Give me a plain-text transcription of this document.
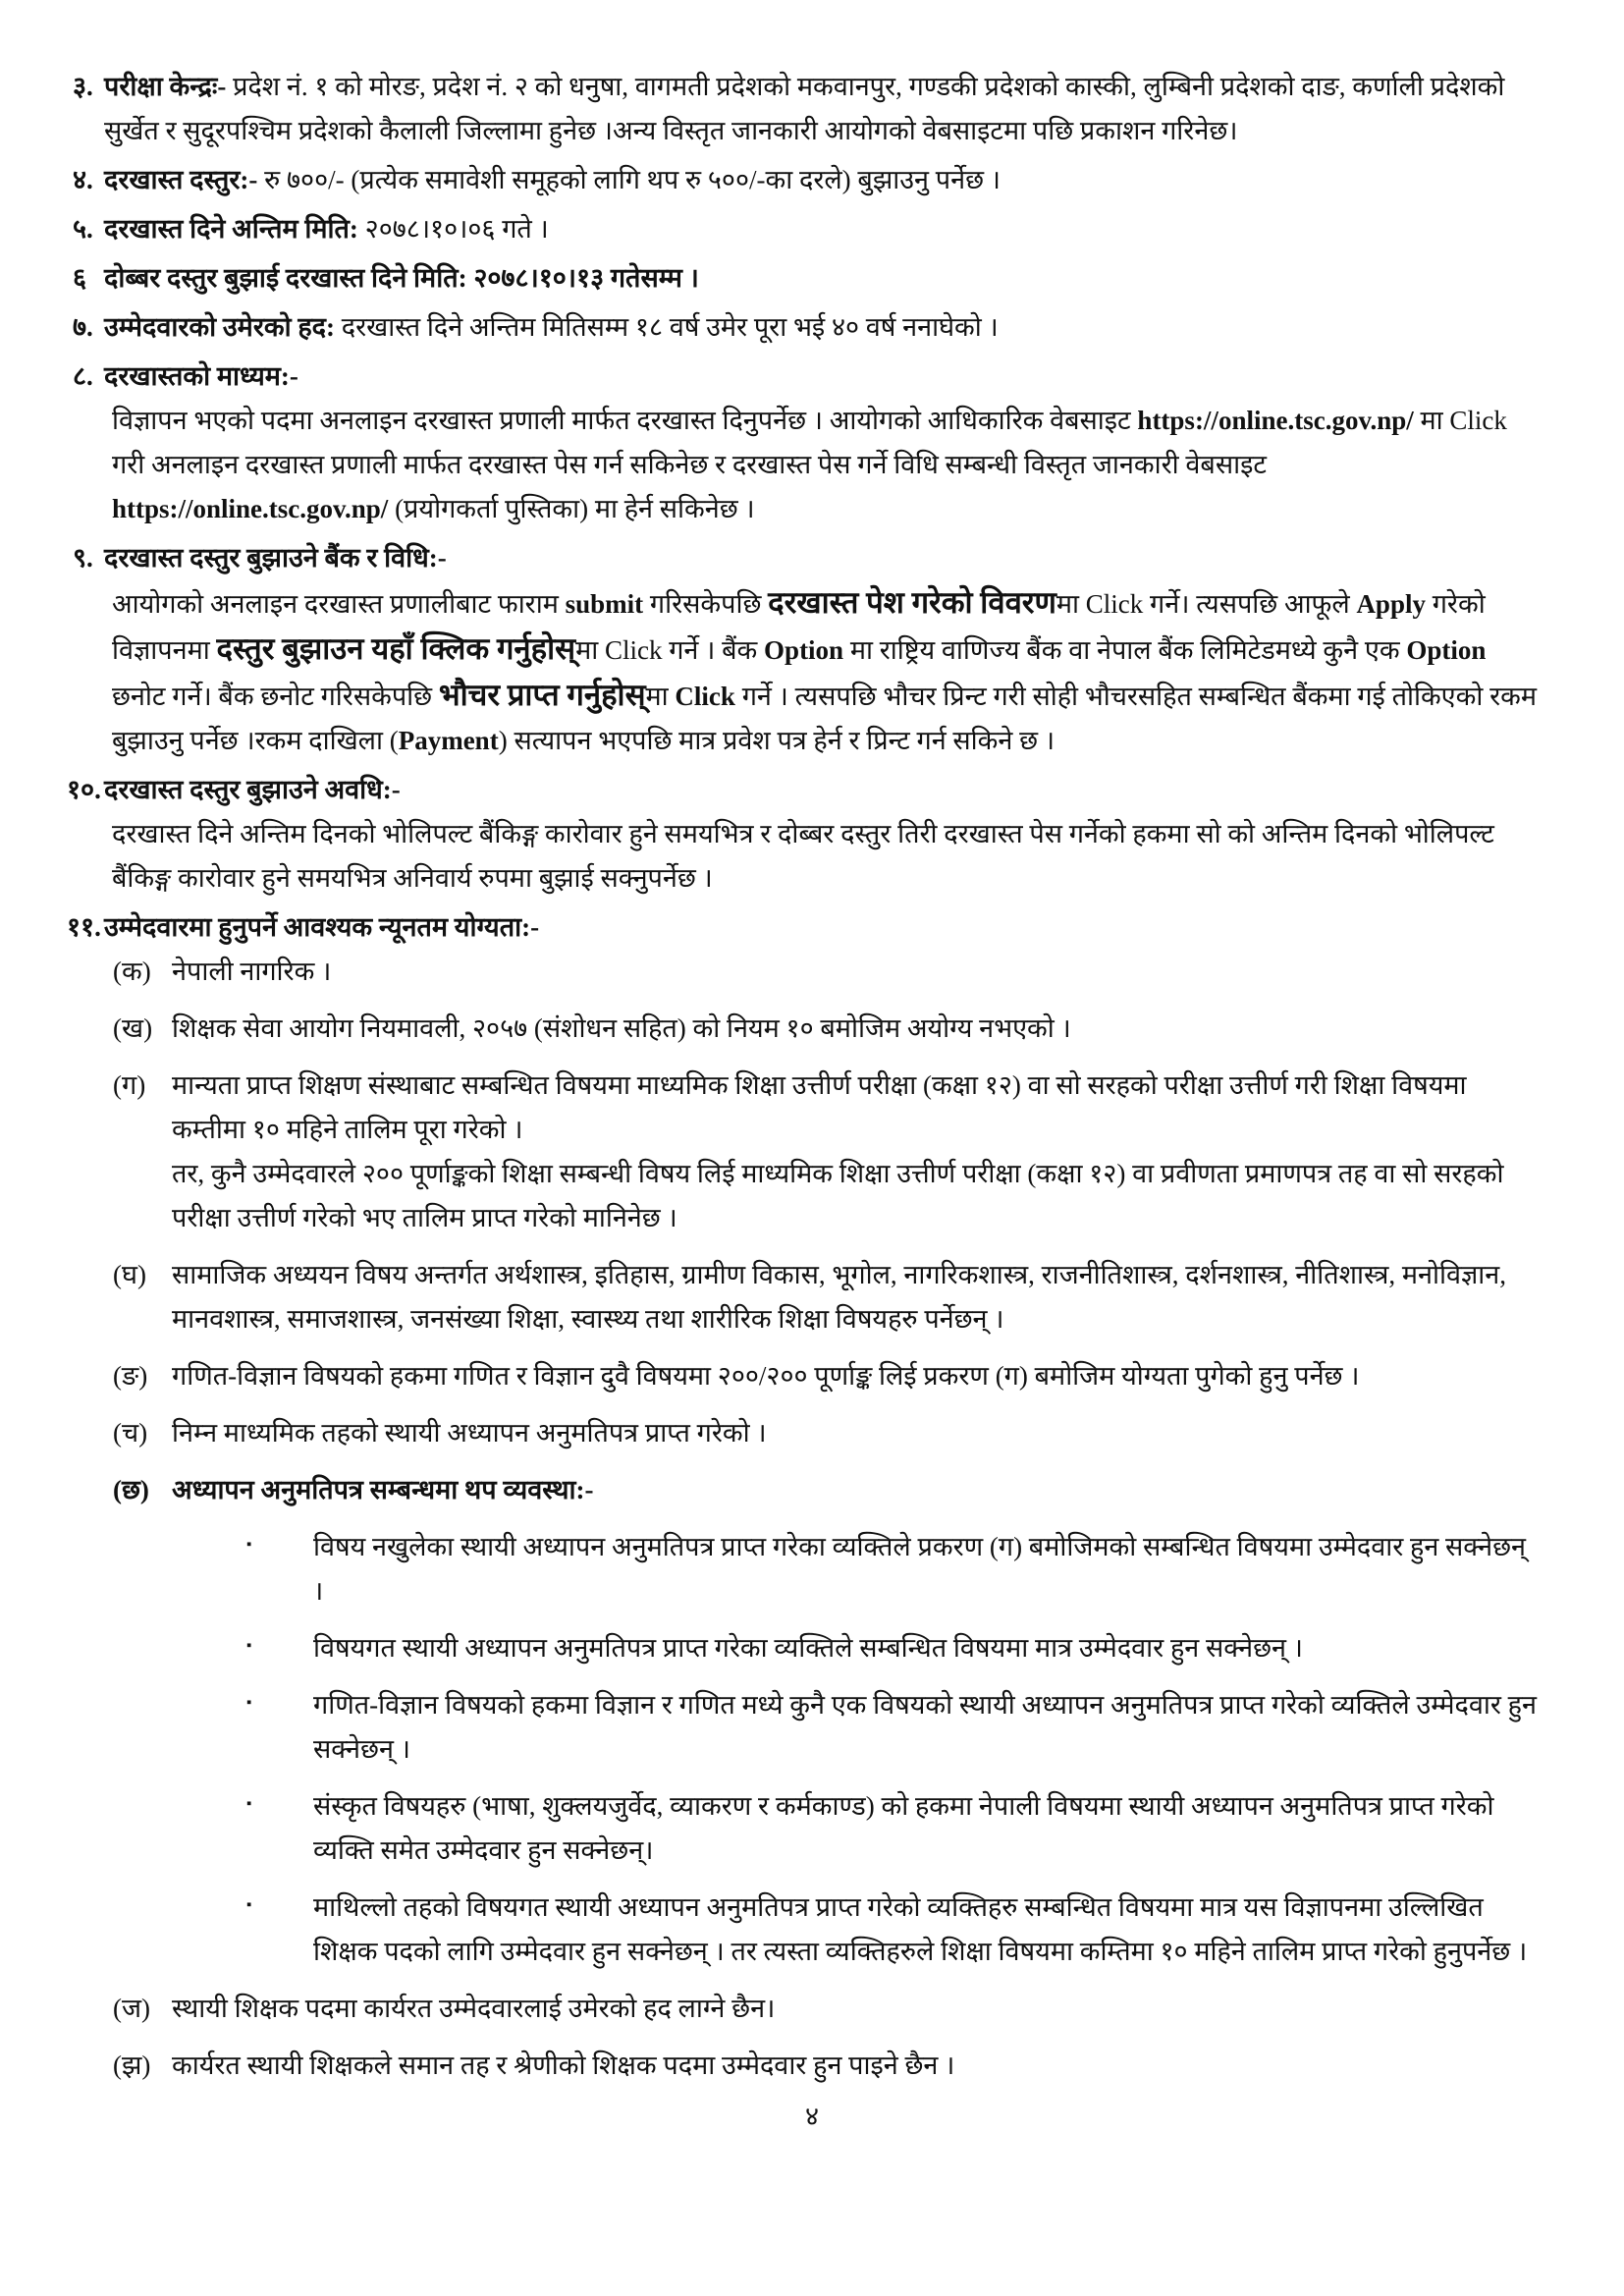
३. परीक्षा केन्द्रः- प्रदेश नं. १ को मोरङ, प्रदेश नं. २ को धनुषा, वागमती प्रदेशको मकवानपुर, गण्डकी प्रदेशको कास्की, लुम्बिनी प्रदेशको दाङ, कर्णाली प्रदेशको सुर्खेत र सुदूरपश्चिम प्रदेशको कैलाली जिल्लामा हुनेछ ।अन्य विस्तृत जानकारी आयोगको वेबसाइटमा पछि प्रकाशन गरिनेछ।
४. दरखास्त दस्तुर:- रु ७००/- (प्रत्येक समावेशी समूहको लागि थप रु ५००/-का दरले) बुझाउनु पर्नेछ ।
५. दरखास्त दिने अन्तिम मिति: २०७८।१०।०६ गते ।
६ दोब्बर दस्तुर बुझाई दरखास्त दिने मिति: २०७८।१०।१३ गतेसम्म ।
७. उम्मेदवारको उमेरको हद: दरखास्त दिने अन्तिम मितिसम्म १८ वर्ष उमेर पूरा भई ४० वर्ष ननाघेको ।
८. दरखास्तको माध्यम:-
विज्ञापन भएको पदमा अनलाइन दरखास्त प्रणाली मार्फत दरखास्त दिनुपर्नेछ । आयोगको आधिकारिक वेबसाइट https://online.tsc.gov.np/ मा Click गरी अनलाइन दरखास्त प्रणाली मार्फत दरखास्त पेस गर्न सकिनेछ र दरखास्त पेस गर्ने विधि सम्बन्धी विस्तृत जानकारी वेबसाइट https://online.tsc.gov.np/ (प्रयोगकर्ता पुस्तिका) मा हेर्न सकिनेछ ।
९. दरखास्त दस्तुर बुझाउने बैंक र विधि:-
आयोगको अनलाइन दरखास्त प्रणालीबाट फाराम submit गरिसकेपछि दरखास्त पेश गरेको विवरणमा Click गर्ने। त्यसपछि आफूले Apply गरेको विज्ञापनमा दस्तुर बुझाउन यहाँ क्लिक गर्नुहोस्मा Click गर्ने । बैंक Option मा राष्ट्रिय वाणिज्य बैंक वा नेपाल बैंक लिमिटेडमध्ये कुनै एक Option छनोट गर्ने। बैंक छनोट गरिसकेपछि भौचर प्राप्त गर्नुहोस्मा Click गर्ने । त्यसपछि भौचर प्रिन्ट गरी सोही भौचरसहित सम्बन्धित बैंकमा गई तोकिएको रकम बुझाउनु पर्नेछ ।रकम दाखिला (Payment) सत्यापन भएपछि मात्र प्रवेश पत्र हेर्न र प्रिन्ट गर्न सकिने छ ।
१०. दरखास्त दस्तुर बुझाउने अवधि:-
दरखास्त दिने अन्तिम दिनको भोलिपल्ट बैंकिङ्ग कारोवार हुने समयभित्र र दोब्बर दस्तुर तिरी दरखास्त पेस गर्नेको हकमा सो को अन्तिम दिनको भोलिपल्ट बैंकिङ्ग कारोवार हुने समयभित्र अनिवार्य रुपमा बुझाई सक्नुपर्नेछ ।
११. उम्मेदवारमा हुनुपर्ने आवश्यक न्यूनतम योग्यता:-
(क) नेपाली नागरिक ।
(ख) शिक्षक सेवा आयोग नियमावली, २०५७ (संशोधन सहित) को नियम १० बमोजिम अयोग्य नभएको ।
(ग) मान्यता प्राप्त शिक्षण संस्थाबाट सम्बन्धित विषयमा माध्यमिक शिक्षा उत्तीर्ण परीक्षा (कक्षा १२) वा सो सरहको परीक्षा उत्तीर्ण गरी शिक्षा विषयमा कम्तीमा १० महिने तालिम पूरा गरेको ।
तर, कुनै उम्मेदवारले २०० पूर्णाङ्कको शिक्षा सम्बन्धी विषय लिई माध्यमिक शिक्षा उत्तीर्ण परीक्षा (कक्षा १२) वा प्रवीणता प्रमाणपत्र तह वा सो सरहको परीक्षा उत्तीर्ण गरेको भए तालिम प्राप्त गरेको मानिनेछ ।
(घ) सामाजिक अध्ययन विषय अन्तर्गत अर्थशास्त्र, इतिहास, ग्रामीण विकास, भूगोल, नागरिकशास्त्र, राजनीतिशास्त्र, दर्शनशास्त्र, नीतिशास्त्र, मनोविज्ञान, मानवशास्त्र, समाजशास्त्र, जनसंख्या शिक्षा, स्वास्थ्य तथा शारीरिक शिक्षा विषयहरु पर्नेछन् ।
(ङ) गणित-विज्ञान विषयको हकमा गणित र विज्ञान दुवै विषयमा २००/२०० पूर्णाङ्क लिई प्रकरण (ग) बमोजिम योग्यता पुगेको हुनु पर्नेछ ।
(च) निम्न माध्यमिक तहको स्थायी अध्यापन अनुमतिपत्र प्राप्त गरेको ।
(छ) अध्यापन अनुमतिपत्र सम्बन्धमा थप व्यवस्था:-
▪ विषय नखुलेका स्थायी अध्यापन अनुमतिपत्र प्राप्त गरेका व्यक्तिले प्रकरण (ग) बमोजिमको सम्बन्धित विषयमा उम्मेदवार हुन सक्नेछन् ।
▪ विषयगत स्थायी अध्यापन अनुमतिपत्र प्राप्त गरेका व्यक्तिले सम्बन्धित विषयमा मात्र उम्मेदवार हुन सक्नेछन् ।
▪ गणित-विज्ञान विषयको हकमा विज्ञान र गणित मध्ये कुनै एक विषयको स्थायी अध्यापन अनुमतिपत्र प्राप्त गरेको व्यक्तिले उम्मेदवार हुन सक्नेछन् ।
▪ संस्कृत विषयहरु (भाषा, शुक्लयजुर्वेद, व्याकरण र कर्मकाण्ड) को हकमा नेपाली विषयमा स्थायी अध्यापन अनुमतिपत्र प्राप्त गरेको व्यक्ति समेत उम्मेदवार हुन सक्नेछन्।
▪ माथिल्लो तहको विषयगत स्थायी अध्यापन अनुमतिपत्र प्राप्त गरेको व्यक्तिहरु सम्बन्धित विषयमा मात्र यस विज्ञापनमा उल्लिखित शिक्षक पदको लागि उम्मेदवार हुन सक्नेछन् । तर त्यस्ता व्यक्तिहरुले शिक्षा विषयमा कम्तिमा १० महिने तालिम प्राप्त गरेको हुनुपर्नेछ ।
(ज) स्थायी शिक्षक पदमा कार्यरत उम्मेदवारलाई उमेरको हद लाग्ने छैन।
(झ) कार्यरत स्थायी शिक्षकले समान तह र श्रेणीको शिक्षक पदमा उम्मेदवार हुन पाइने छैन ।
४
